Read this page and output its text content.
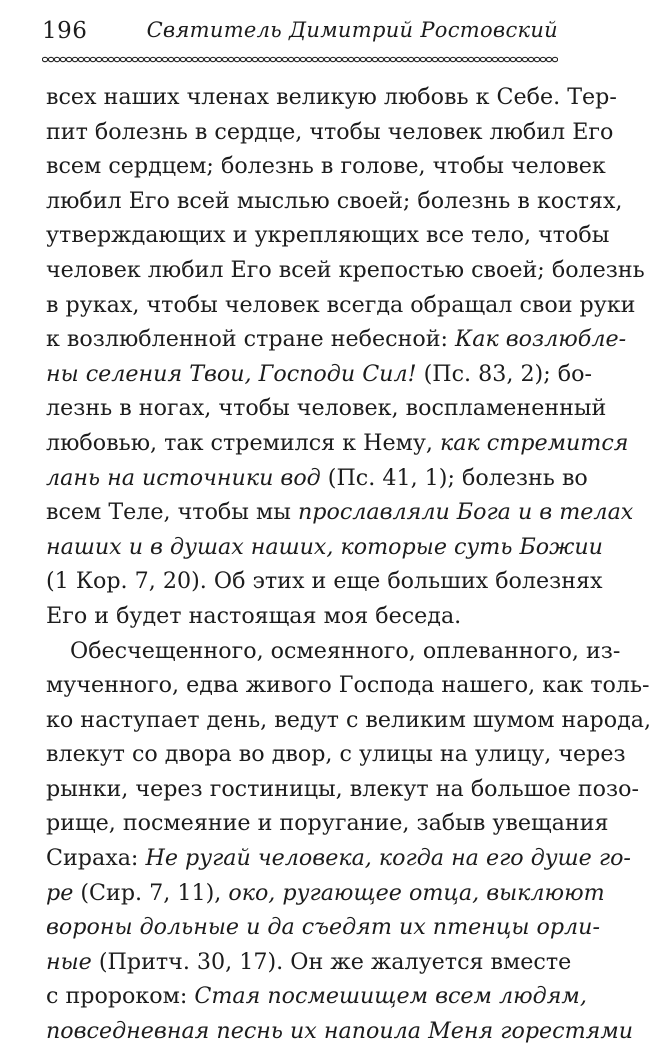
196	Святитель Димитрий Ростовский
всех наших членах великую любовь к Себе. Тер-
пит болезнь в сердце, чтобы человек любил Его
всем сердцем; болезнь в голове, чтобы человек
любил Его всей мыслью своей; болезнь в костях,
утверждающих и укрепляющих все тело, чтобы
человек любил Его всей крепостью своей; болезнь
в руках, чтобы человек всегда обращал свои руки
к возлюбленной стране небесной: Как возлюбле-
ны селения Твои, Господи Сил! (Пс. 83, 2); бо-
лезнь в ногах, чтобы человек, воспламененный
любовью, так стремился к Нему, как стремится
лань на источники вод (Пс. 41, 1); болезнь во
всем Теле, чтобы мы прославляли Бога и в телах
наших и в душах наших, которые суть Божии
(1 Кор. 7, 20). Об этих и еще больших болезнях
Его и будет настоящая моя беседа.
Обесчещенного, осмеянного, оплеванного, из-
мученного, едва живого Господа нашего, как толь-
ко наступает день, ведут с великим шумом народа,
влекут со двора во двор, с улицы на улицу, через
рынки, через гостиницы, влекут на большое позо-
рище, посмеяние и поругание, забыв увещания
Сираха: Не ругай человека, когда на его душе го-
ре (Сир. 7, 11), око, ругающее отца, выклюют
вороны дольные и да съедят их птенцы орли-
ные (Притч. 30, 17). Он же жалуется вместе
с пророком: Стая посмешищем всем людям,
повседневная песнь их напоила Меня горестями
